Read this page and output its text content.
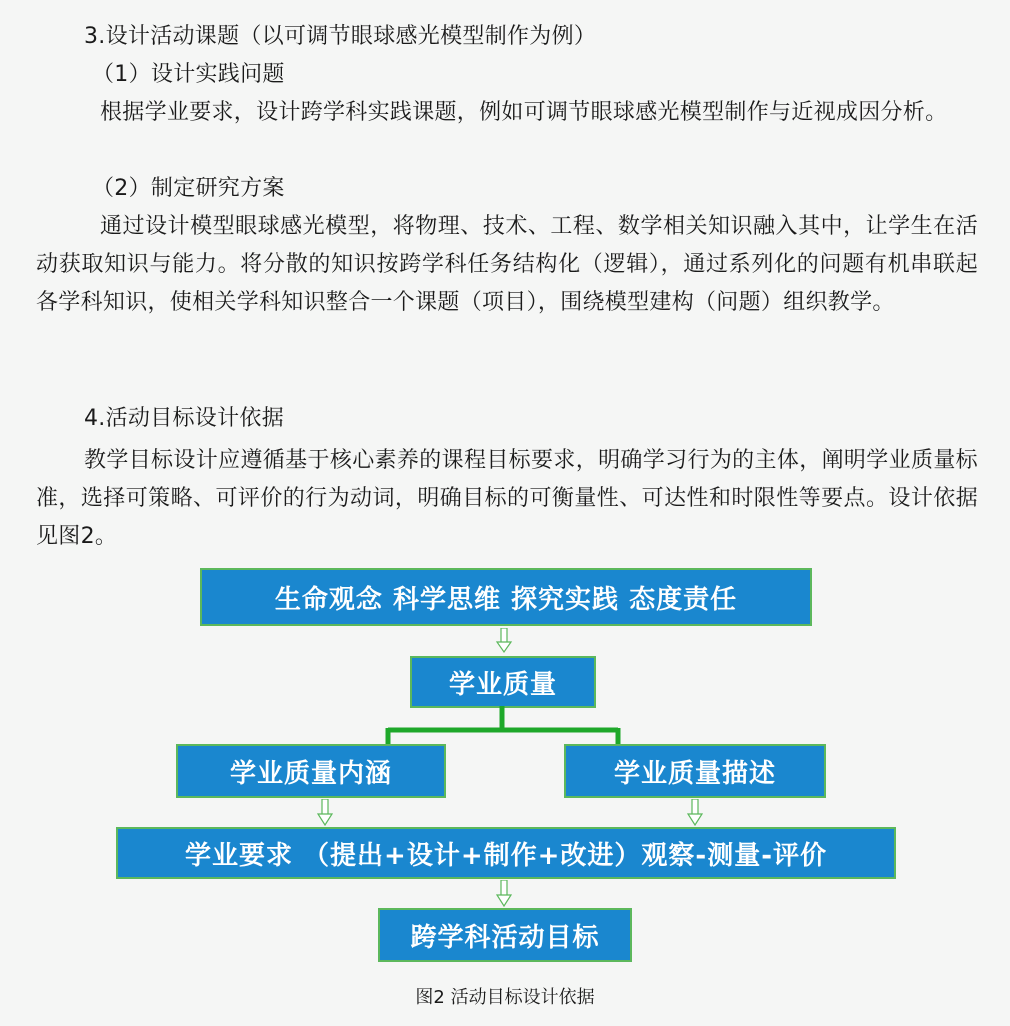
3.设计活动课题（以可调节眼球感光模型制作为例）

（1）设计实践问题

根据学业要求，设计跨学科实践课题，例如可调节眼球感光模型制作与近视成因分析。

（2）制定研究方案

通过设计模型眼球感光模型，将物理、技术、工程、数学相关知识融入其中，让学生在活动获取知识与能力。将分散的知识按跨学科任务结构化（逻辑），通过系列化的问题有机串联起各学科知识，使相关学科知识整合一个课题（项目），围绕模型建构（问题）组织教学。

4.活动目标设计依据

教学目标设计应遵循基于核心素养的课程目标要求，明确学习行为的主体，阐明学业质量标准，选择可策略、可评价的行为动词，明确目标的可衡量性、可达性和时限性等要点。设计依据见图2。

生命观念 科学思维 探究实践 态度责任
学业质量
学业质量内涵	学业质量描述
学业要求 （提出+设计+制作+改进）观察-测量-评价
跨学科活动目标

图2 活动目标设计依据
